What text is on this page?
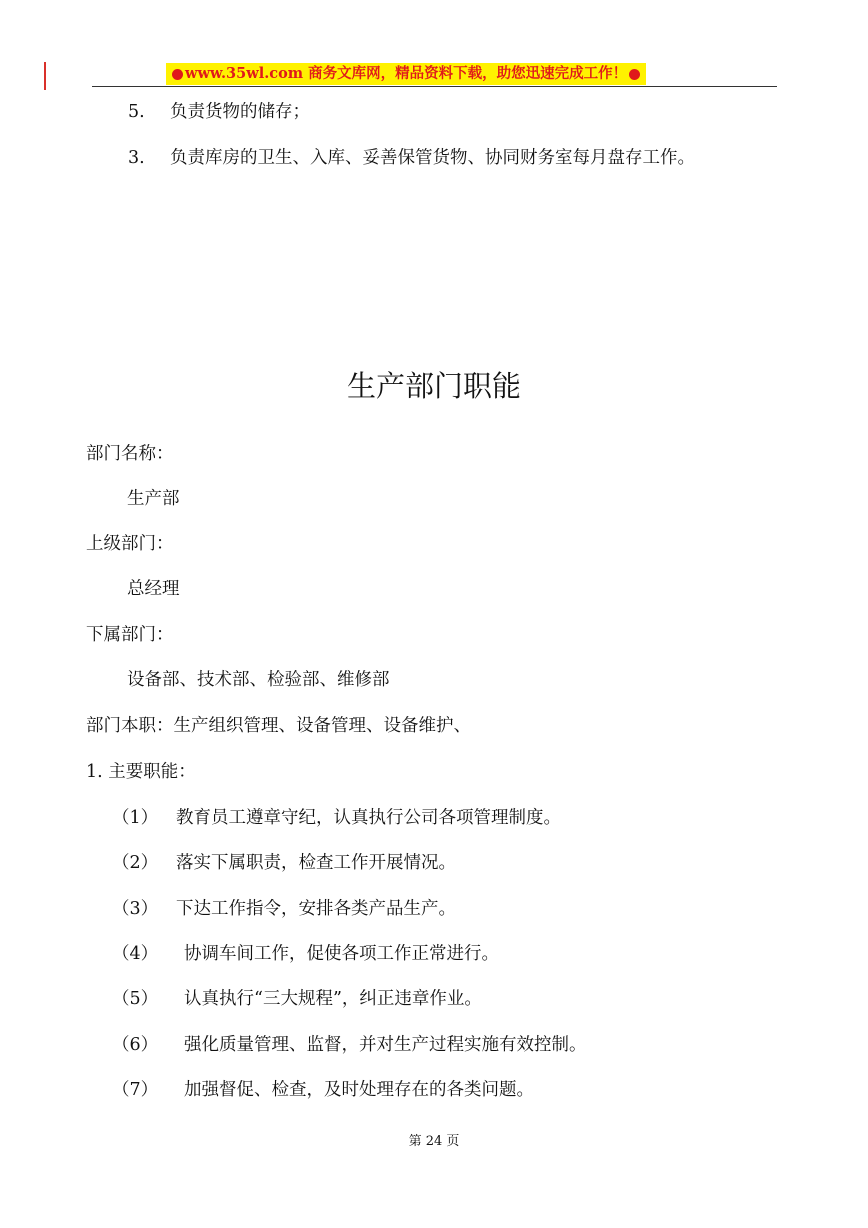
www.35wl.com 商务文库网，精品资料下载，助您迅速完成工作！
5. 负责货物的储存；
3. 负责库房的卫生、入库、妥善保管货物、协同财务室每月盘存工作。
生产部门职能
部门名称：
生产部
上级部门：
总经理
下属部门：
设备部、技术部、检验部、维修部
部门本职：生产组织管理、设备管理、设备维护、
1. 主要职能：
（1） 教育员工遵章守纪，认真执行公司各项管理制度。
（2） 落实下属职责，检查工作开展情况。
（3） 下达工作指令，安排各类产品生产。
（4） 协调车间工作，促使各项工作正常进行。
（5） 认真执行“三大规程”，纠正违章作业。
（6） 强化质量管理、监督，并对生产过程实施有效控制。
（7） 加强督促、检查，及时处理存在的各类问题。
第 24 页
